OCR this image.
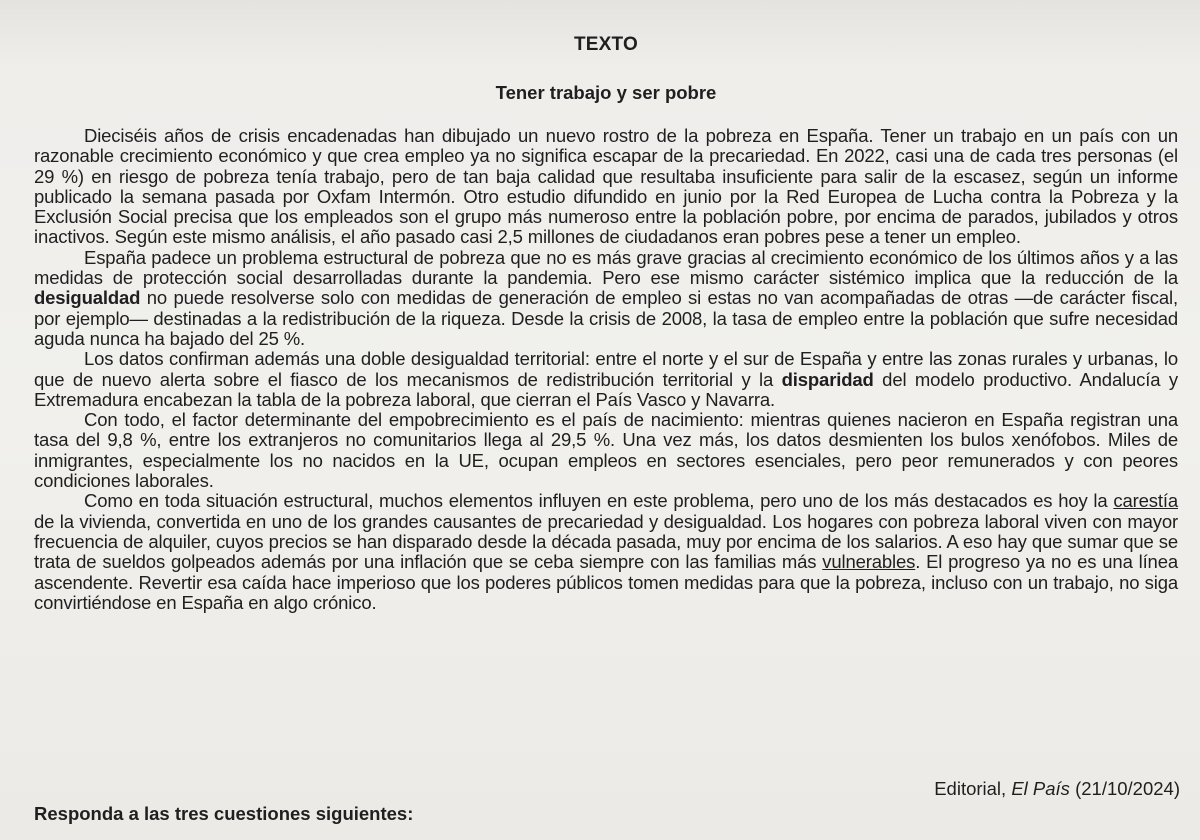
TEXTO
Tener trabajo y ser pobre

Dieciséis años de crisis encadenadas han dibujado un nuevo rostro de la pobreza en España. Tener un trabajo en un país con un razonable crecimiento económico y que crea empleo ya no significa escapar de la precariedad. En 2022, casi una de cada tres personas (el 29 %) en riesgo de pobreza tenía trabajo, pero de tan baja calidad que resultaba insuficiente para salir de la escasez, según un informe publicado la semana pasada por Oxfam Intermón. Otro estudio difundido en junio por la Red Europea de Lucha contra la Pobreza y la Exclusión Social precisa que los empleados son el grupo más numeroso entre la población pobre, por encima de parados, jubilados y otros inactivos. Según este mismo análisis, el año pasado casi 2,5 millones de ciudadanos eran pobres pese a tener un empleo.

España padece un problema estructural de pobreza que no es más grave gracias al crecimiento económico de los últimos años y a las medidas de protección social desarrolladas durante la pandemia. Pero ese mismo carácter sistémico implica que la reducción de la desigualdad no puede resolverse solo con medidas de generación de empleo si estas no van acompañadas de otras —de carácter fiscal, por ejemplo— destinadas a la redistribución de la riqueza. Desde la crisis de 2008, la tasa de empleo entre la población que sufre necesidad aguda nunca ha bajado del 25 %.

Los datos confirman además una doble desigualdad territorial: entre el norte y el sur de España y entre las zonas rurales y urbanas, lo que de nuevo alerta sobre el fiasco de los mecanismos de redistribución territorial y la disparidad del modelo productivo. Andalucía y Extremadura encabezan la tabla de la pobreza laboral, que cierran el País Vasco y Navarra.

Con todo, el factor determinante del empobrecimiento es el país de nacimiento: mientras quienes nacieron en España registran una tasa del 9,8 %, entre los extranjeros no comunitarios llega al 29,5 %. Una vez más, los datos desmienten los bulos xenófobos. Miles de inmigrantes, especialmente los no nacidos en la UE, ocupan empleos en sectores esenciales, pero peor remunerados y con peores condiciones laborales.

Como en toda situación estructural, muchos elementos influyen en este problema, pero uno de los más destacados es hoy la carestía de la vivienda, convertida en uno de los grandes causantes de precariedad y desigualdad. Los hogares con pobreza laboral viven con mayor frecuencia de alquiler, cuyos precios se han disparado desde la década pasada, muy por encima de los salarios. A eso hay que sumar que se trata de sueldos golpeados además por una inflación que se ceba siempre con las familias más vulnerables. El progreso ya no es una línea ascendente. Revertir esa caída hace imperioso que los poderes públicos tomen medidas para que la pobreza, incluso con un trabajo, no siga convirtiéndose en España en algo crónico.

Editorial, El País (21/10/2024)
Responda a las tres cuestiones siguientes:
